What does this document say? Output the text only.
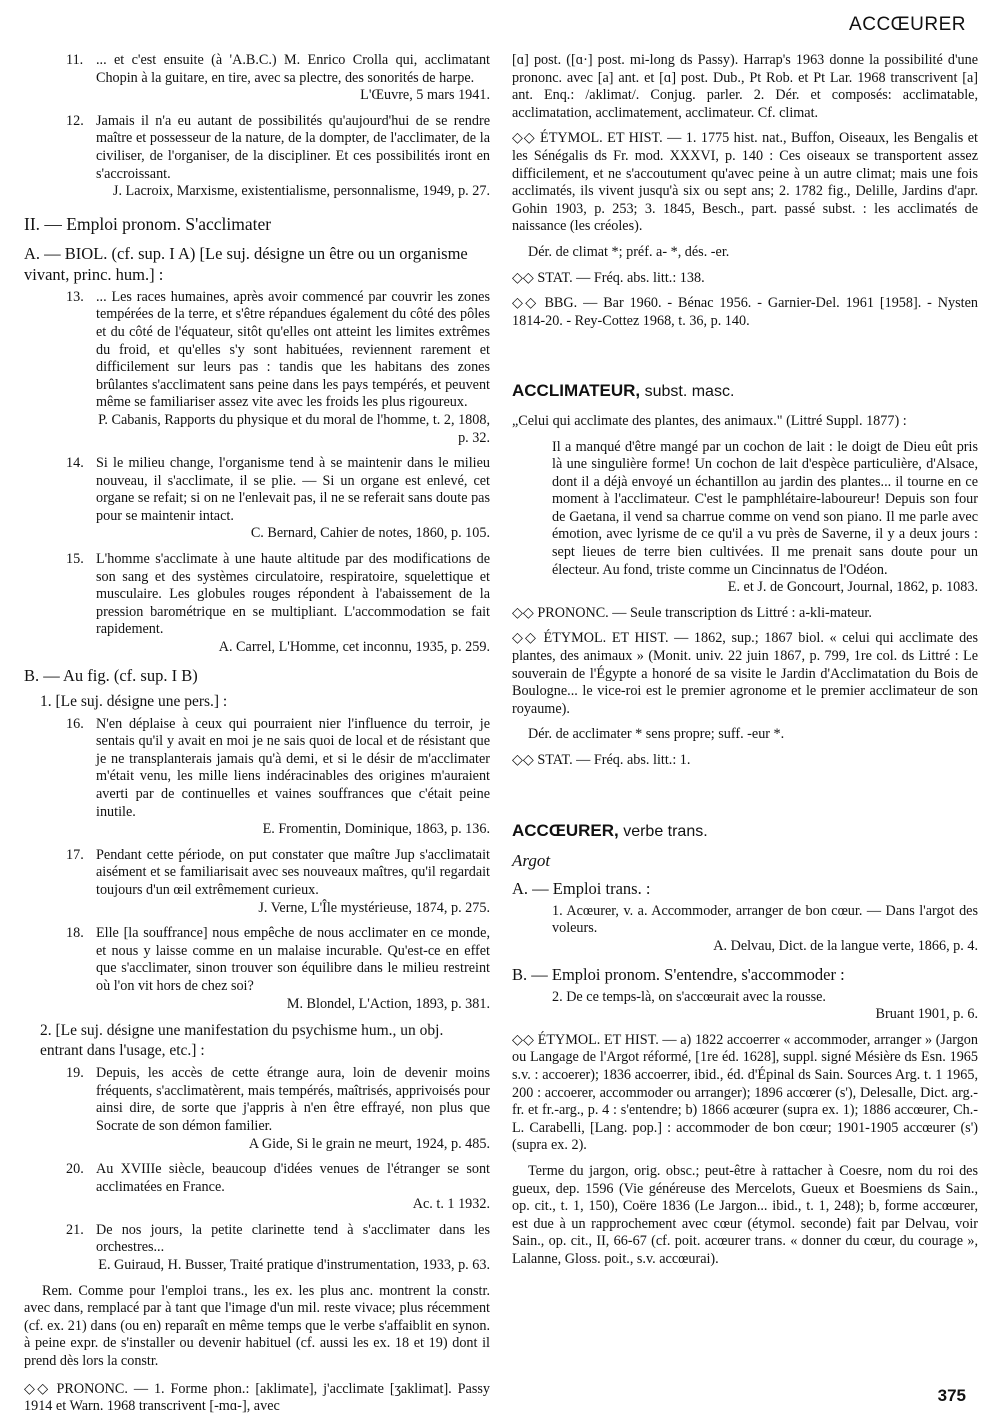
ACCŒURER
11. ... et c'est ensuite (à 'A.B.C.) M. Enrico Crolla qui, acclimatant Chopin à la guitare, en tire, avec sa plectre, des sonorités de harpe.
L'Œuvre, 5 mars 1941.
12. Jamais il n'a eu autant de possibilités qu'aujourd'hui de se rendre maître et possesseur de la nature, de la dompter, de l'acclimater, de la civiliser, de l'organiser, de la discipliner. Et ces possibilités iront en s'accroissant.
J. Lacroix, Marxisme, existentialisme, personnalisme, 1949, p. 27.
II. — Emploi pronom. S'acclimater
A. — BIOL. (cf. sup. I A) [Le suj. désigne un être ou un organisme vivant, princ. hum.] :
13. ... Les races humaines, après avoir commencé par couvrir les zones tempérées de la terre, et s'être répandues également du côté des pôles et du côté de l'équateur, sitôt qu'elles ont atteint les limites extrêmes du froid, et qu'elles s'y sont habituées, reviennent rarement et difficilement sur leurs pas : tandis que les habitans des zones brûlantes s'acclimatent sans peine dans les pays tempérés, et peuvent même se familiariser assez vite avec les froids les plus rigoureux.
P. Cabanis, Rapports du physique et du moral de l'homme, t. 2, 1808, p. 32.
14. Si le milieu change, l'organisme tend à se maintenir dans le milieu nouveau, il s'acclimate, il se plie. — Si un organe est enlevé, cet organe se refait; si on ne l'enlevait pas, il ne se referait sans doute pas pour se maintenir intact.
C. Bernard, Cahier de notes, 1860, p. 105.
15. L'homme s'acclimate à une haute altitude par des modifications de son sang et des systèmes circulatoire, respiratoire, squelettique et musculaire. Les globules rouges répondent à l'abaissement de la pression barométrique en se multipliant. L'accommodation se fait rapidement.
A. Carrel, L'Homme, cet inconnu, 1935, p. 259.
B. — Au fig. (cf. sup. I B)
1. [Le suj. désigne une pers.] :
16. N'en déplaise à ceux qui pourraient nier l'influence du terroir, je sentais qu'il y avait en moi je ne sais quoi de local et de résistant que je ne transplanterais jamais qu'à demi, et si le désir de m'acclimater m'était venu, les mille liens indéracinables des origines m'auraient averti par de continuelles et vaines souffrances que c'était peine inutile.
E. Fromentin, Dominique, 1863, p. 136.
17. Pendant cette période, on put constater que maître Jup s'acclimatait aisément et se familiarisait avec ses nouveaux maîtres, qu'il regardait toujours d'un œil extrêmement curieux.
J. Verne, L'Île mystérieuse, 1874, p. 275.
18. Elle [la souffrance] nous empêche de nous acclimater en ce monde, et nous y laisse comme en un malaise incurable. Qu'est-ce en effet que s'acclimater, sinon trouver son équilibre dans le milieu restreint où l'on vit hors de chez soi?
M. Blondel, L'Action, 1893, p. 381.
2. [Le suj. désigne une manifestation du psychisme hum., un obj. entrant dans l'usage, etc.] :
19. Depuis, les accès de cette étrange aura, loin de devenir moins fréquents, s'acclimatèrent, mais tempérés, maîtrisés, apprivoisés pour ainsi dire, de sorte que j'appris à n'en être effrayé, non plus que Socrate de son démon familier.
A Gide, Si le grain ne meurt, 1924, p. 485.
20. Au XVIIIe siècle, beaucoup d'idées venues de l'étranger se sont acclimatées en France.
Ac. t. 1 1932.
21. De nos jours, la petite clarinette tend à s'acclimater dans les orchestres...
E. Guiraud, H. Busser, Traité pratique d'instrumentation, 1933, p. 63.
Rem. Comme pour l'emploi trans., les ex. les plus anc. montrent la constr. avec dans, remplacé par à tant que l'image d'un mil. reste vivace; plus récemment (cf. ex. 21) dans (ou en) reparaît en même temps que le verbe s'affaiblit en synon. à peine expr. de s'installer ou devenir habituel (cf. aussi les ex. 18 et 19) dont il prend dès lors la constr.
◇◇ PRONONC. — 1. Forme phon.: [aklimate], j'acclimate [ʒaklimat]. Passy 1914 et Warn. 1968 transcrivent [-mɑ-], avec
[ɑ] post. ([ɑ·] post. mi-long ds Passy). Harrap's 1963 donne la possibilité d'une prononc. avec [a] ant. et [ɑ] post. Dub., Pt Rob. et Pt Lar. 1968 transcrivent [a] ant. Enq.: /aklimat/. Conjug. parler. 2. Dér. et composés: acclimatable, acclimatation, acclimatement, acclimateur. Cf. climat.
◇◇ ÉTYMOL. ET HIST. — 1. 1775 hist. nat., Buffon, Oiseaux, les Bengalis et les Sénégalis ds Fr. mod. XXXVI, p. 140 : Ces oiseaux se transportent assez difficilement, et ne s'accoutument qu'avec peine à un autre climat; mais une fois acclimatés, ils vivent jusqu'à six ou sept ans; 2. 1782 fig., Delille, Jardins d'apr. Gohin 1903, p. 253; 3. 1845, Besch., part. passé subst. : les acclimatés de naissance (les créoles).
Dér. de climat *; préf. a- *, dés. -er.
◇◇ STAT. — Fréq. abs. litt.: 138.
◇◇ BBG. — Bar 1960. - Bénac 1956. - Garnier-Del. 1961 [1958]. - Nysten 1814-20. - Rey-Cottez 1968, t. 36, p. 140.
ACCLIMATEUR, subst. masc.
„Celui qui acclimate des plantes, des animaux." (Littré Suppl. 1877) :
Il a manqué d'être mangé par un cochon de lait : le doigt de Dieu eût pris là une singulière forme! Un cochon de lait d'espèce particulière, d'Alsace, dont il a déjà envoyé un échantillon au jardin des plantes... il tourne en ce moment à l'acclimateur. C'est le pamphlétaire-laboureur! Depuis son four de Gaetana, il vend sa charrue comme on vend son piano. Il me parle avec émotion, avec lyrisme de ce qu'il a vu près de Saverne, il y a deux jours : sept lieues de terre bien cultivées. Il me prenait sans doute pour un électeur. Au fond, triste comme un Cincinnatus de l'Odéon.
E. et J. de Goncourt, Journal, 1862, p. 1083.
◇◇ PRONONC. — Seule transcription ds Littré : a-kli-mateur.
◇◇ ÉTYMOL. ET HIST. — 1862, sup.; 1867 biol. « celui qui acclimate des plantes, des animaux » (Monit. univ. 22 juin 1867, p. 799, 1re col. ds Littré : Le souverain de l'Égypte a honoré de sa visite le Jardin d'Acclimatation du Bois de Boulogne... le vice-roi est le premier agronome et le premier acclimateur de son royaume).
Dér. de acclimater * sens propre; suff. -eur *.
◇◇ STAT. — Fréq. abs. litt.: 1.
ACCŒURER, verbe trans.
Argot
A. — Emploi trans. :
1. Acœurer, v. a. Accommoder, arranger de bon cœur. — Dans l'argot des voleurs.
A. Delvau, Dict. de la langue verte, 1866, p. 4.
B. — Emploi pronom. S'entendre, s'accommoder :
2. De ce temps-là, on s'accœurait avec la rousse.
Bruant 1901, p. 6.
◇◇ ÉTYMOL. ET HIST. — a) 1822 accoerrer « accommoder, arranger » (Jargon ou Langage de l'Argot réformé, [1re éd. 1628], suppl. signé Mésière ds Esn. 1965 s.v. : accoerer); 1836 accoerrer, ibid., éd. d'Épinal ds Sain. Sources Arg. t. 1 1965, 200 : accoerer, accommoder ou arranger); 1896 accœrer (s'), Delesalle, Dict. arg.-fr. et fr.-arg., p. 4 : s'entendre; b) 1866 acœurer (supra ex. 1); 1886 accœurer, Ch.-L. Carabelli, [Lang. pop.] : accommoder de bon cœur; 1901-1905 accœurer (s') (supra ex. 2).
Terme du jargon, orig. obsc.; peut-être à rattacher à Coesre, nom du roi des gueux, dep. 1596 (Vie généreuse des Mercelots, Gueux et Boesmiens ds Sain., op. cit., t. 1, 150), Coëre 1836 (Le Jargon... ibid., t. 1, 248); b, forme accœurer, est due à un rapprochement avec cœur (étymol. seconde) fait par Delvau, voir Sain., op. cit., II, 66-67 (cf. poit. acœurer trans. « donner du cœur, du courage », Lalanne, Gloss. poit., s.v. accœurai).
375
